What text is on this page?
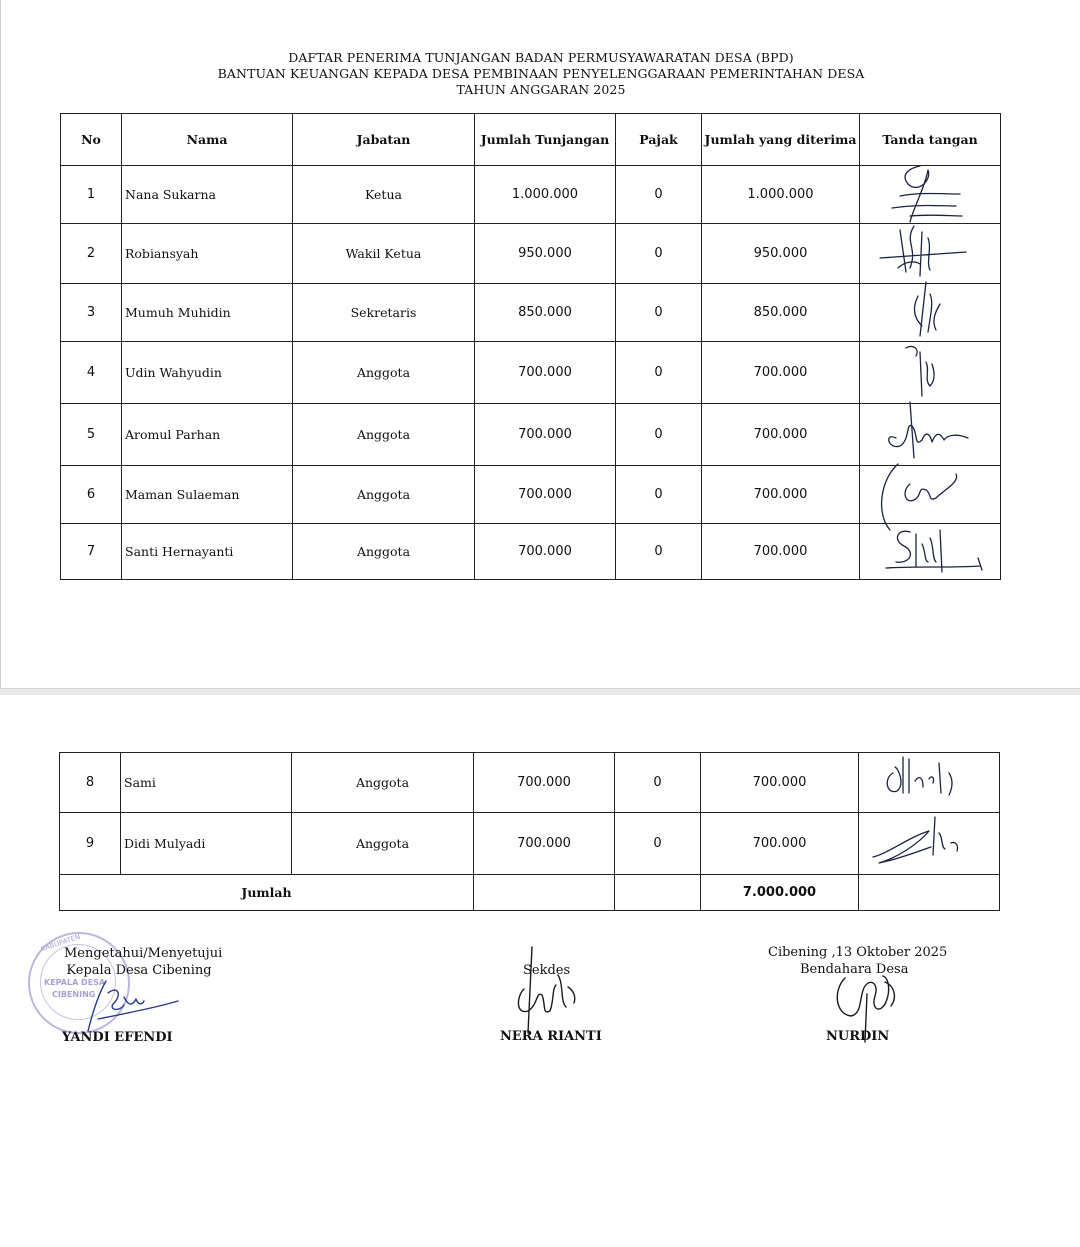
DAFTAR PENERIMA TUNJANGAN BADAN PERMUSYAWARATAN DESA (BPD)
BANTUAN KEUANGAN KEPADA DESA PEMBINAAN PENYELENGGARAAN PEMERINTAHAN DESA
TAHUN ANGGARAN 2025
No	Nama	Jabatan	Jumlah Tunjangan	Pajak	Jumlah yang diterima	Tanda tangan
1	Nana Sukarna	Ketua	1.000.000	0	1.000.000	

2	Robiansyah	Wakil Ketua	950.000	0	950.000	

3	Mumuh Muhidin	Sekretaris	850.000	0	850.000	

4	Udin Wahyudin	Anggota	700.000	0	700.000	

5	Aromul Parhan	Anggota	700.000	0	700.000	

6	Maman Sulaeman	Anggota	700.000	0	700.000	

7	Santi Hernayanti	Anggota	700.000	0	700.000	
8	Sami	Anggota	700.000	0	700.000	

9	Didi Mulyadi	Anggota	700.000	0	700.000	

Jumlah					7.000.000	
KABUPATEN
KEPALA DESA
CIBENING
Mengetahui/Menyetujui
Kepala Desa Cibening
YANDI EFENDI
Sekdes
NERA RIANTI
Cibening ,13 Oktober 2025
Bendahara Desa
NURDIN
